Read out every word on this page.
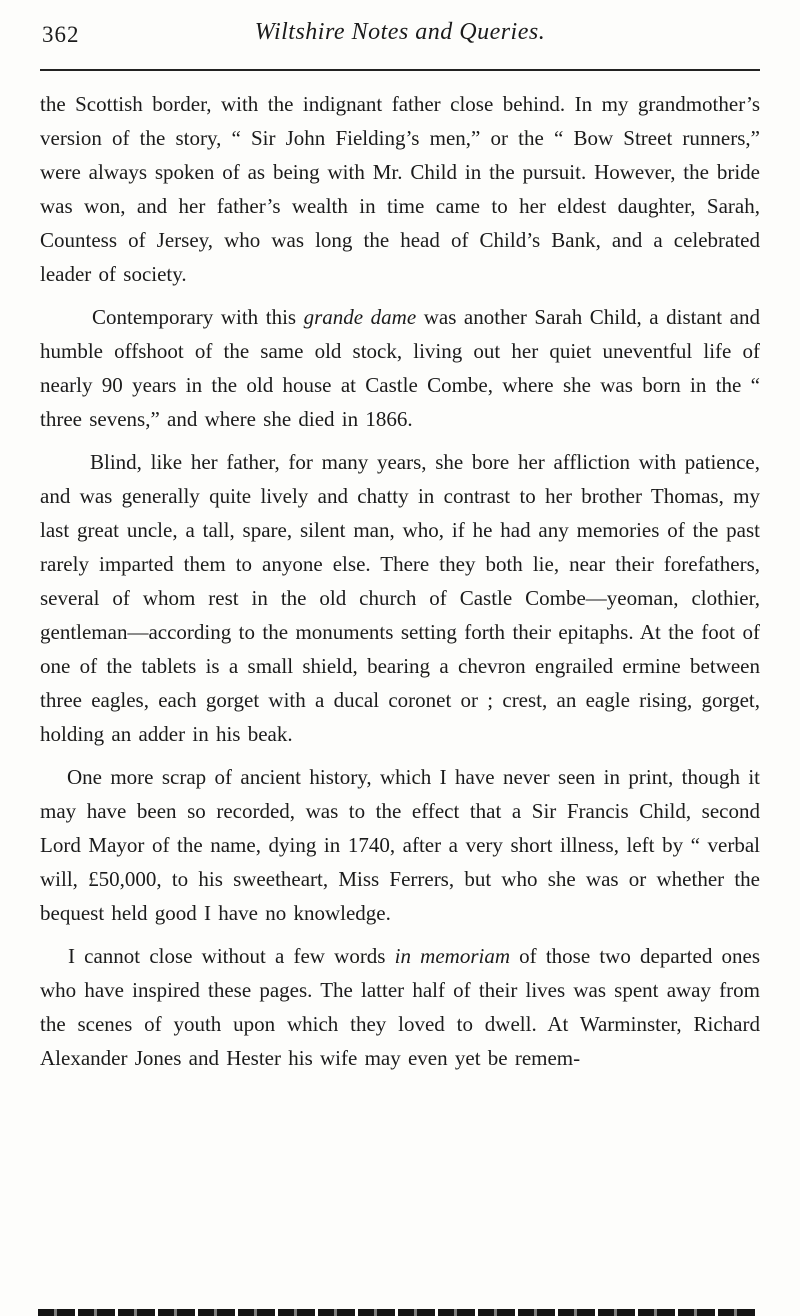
362	Wiltshire Notes and Queries.

the Scottish border, with the indignant father close behind. In my grandmother’s version of the story, “ Sir John Fielding’s men,” or the “ Bow Street runners,” were always spoken of as being with Mr. Child in the pursuit. However, the bride was won, and her father’s wealth in time came to her eldest daughter, Sarah, Countess of Jersey, who was long the head of Child’s Bank, and a celebrated leader of society.

Contemporary with this grande dame was another Sarah Child, a distant and humble offshoot of the same old stock, living out her quiet uneventful life of nearly 90 years in the old house at Castle Combe, where she was born in the “ three sevens,” and where she died in 1866.

Blind, like her father, for many years, she bore her affliction with patience, and was generally quite lively and chatty in contrast to her brother Thomas, my last great uncle, a tall, spare, silent man, who, if he had any memories of the past rarely imparted them to anyone else. There they both lie, near their forefathers, several of whom rest in the old church of Castle Combe—yeoman, clothier, gentleman—according to the monuments setting forth their epitaphs. At the foot of one of the tablets is a small shield, bearing a chevron engrailed ermine between three eagles, each gorget with a ducal coronet or ; crest, an eagle rising, gorget, holding an adder in his beak.

One more scrap of ancient history, which I have never seen in print, though it may have been so recorded, was to the effect that a Sir Francis Child, second Lord Mayor of the name, dying in 1740, after a very short illness, left by “ verbal will, £50,000, to his sweetheart, Miss Ferrers, but who she was or whether the bequest held good I have no knowledge.

I cannot close without a few words in memoriam of those two departed ones who have inspired these pages. The latter half of their lives was spent away from the scenes of youth upon which they loved to dwell. At Warminster, Richard Alexander Jones and Hester his wife may even yet be remem-
